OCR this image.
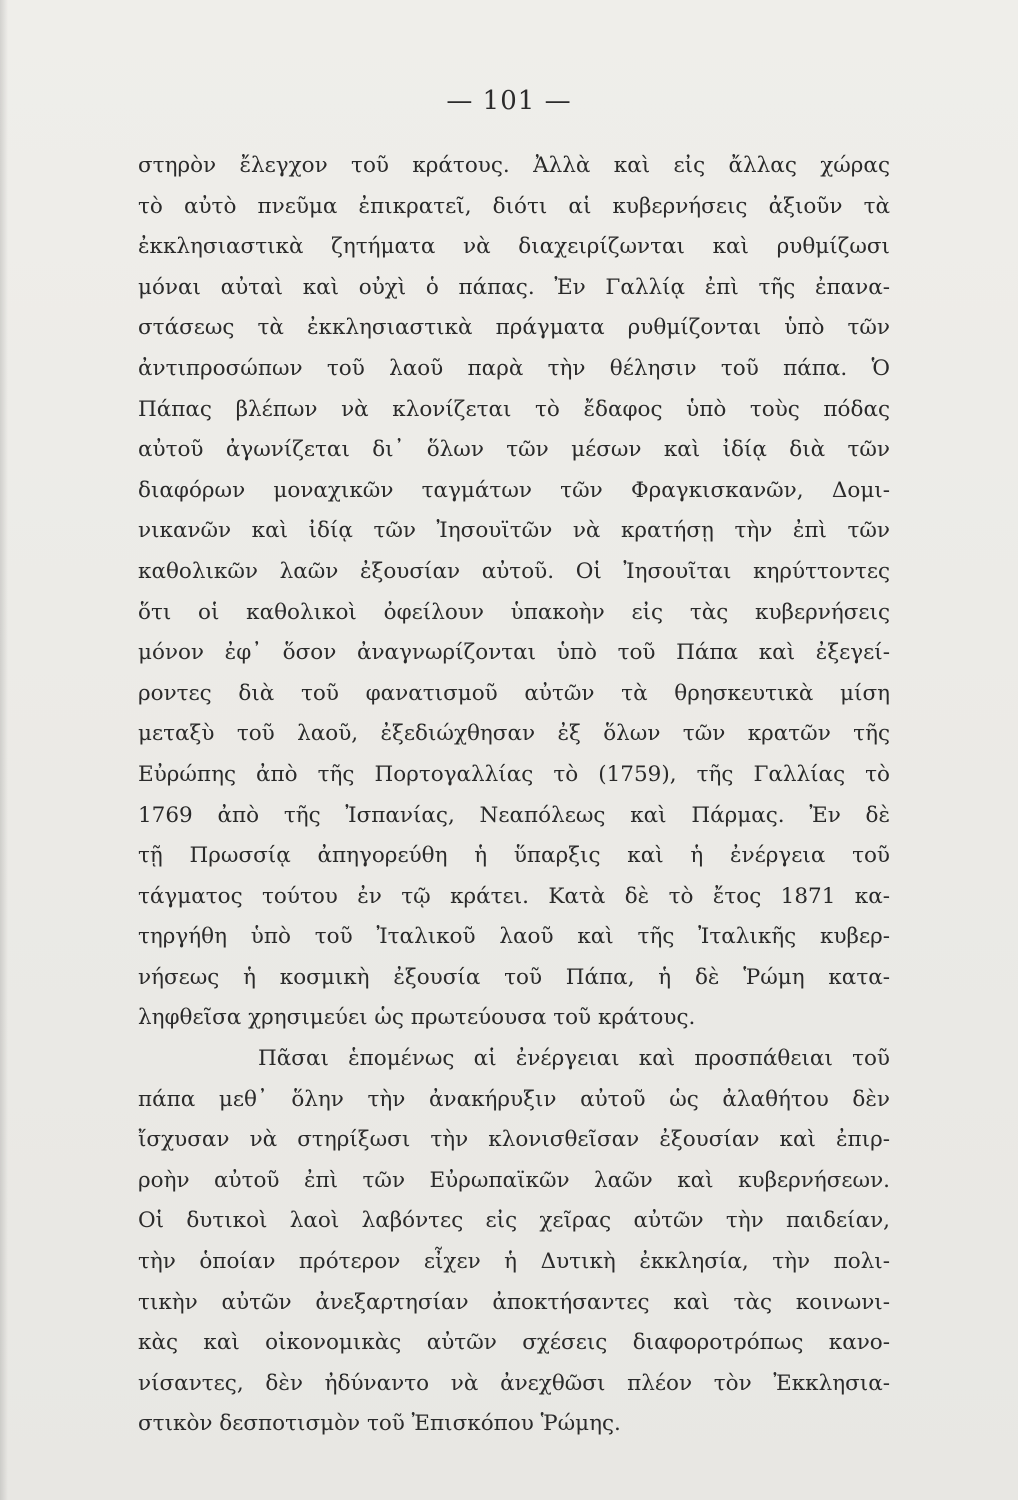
— 101 —
στηρὸν ἔλεγχον τοῦ κράτους. Ἀλλὰ καὶ εἰς ἄλλας χώρας
τὸ αὐτὸ πνεῦμα ἐπικρατεῖ, διότι αἱ κυβερνήσεις ἀξιοῦν τὰ
ἐκκλησιαστικὰ ζητήματα νὰ διαχειρίζωνται καὶ ρυθμίζωσι
μόναι αὐταὶ καὶ οὐχὶ ὁ πάπας. Ἐν Γαλλίᾳ ἐπὶ τῆς ἐπανα-
στάσεως τὰ ἐκκλησιαστικὰ πράγματα ρυθμίζονται ὑπὸ τῶν
ἀντιπροσώπων τοῦ λαοῦ παρὰ τὴν θέλησιν τοῦ πάπα. Ὁ
Πάπας βλέπων νὰ κλονίζεται τὸ ἔδαφος ὑπὸ τοὺς πόδας
αὐτοῦ ἀγωνίζεται δι᾽ ὅλων τῶν μέσων καὶ ἰδίᾳ διὰ τῶν
διαφόρων μοναχικῶν ταγμάτων τῶν Φραγκισκανῶν, Δομι-
νικανῶν καὶ ἰδίᾳ τῶν Ἰησουϊτῶν νὰ κρατήσῃ τὴν ἐπὶ τῶν
καθολικῶν λαῶν ἐξουσίαν αὐτοῦ. Οἱ Ἰησουῖται κηρύττοντες
ὅτι οἱ καθολικοὶ ὀφείλουν ὑπακοὴν εἰς τὰς κυβερνήσεις
μόνον ἐφ᾽ ὅσον ἀναγνωρίζονται ὑπὸ τοῦ Πάπα καὶ ἐξεγεί-
ροντες διὰ τοῦ φανατισμοῦ αὐτῶν τὰ θρησκευτικὰ μίση
μεταξὺ τοῦ λαοῦ, ἐξεδιώχθησαν ἐξ ὅλων τῶν κρατῶν τῆς
Εὐρώπης ἀπὸ τῆς Πορτογαλλίας τὸ (1759), τῆς Γαλλίας τὸ
1769 ἀπὸ τῆς Ἰσπανίας, Νεαπόλεως καὶ Πάρμας. Ἐν δὲ
τῇ Πρωσσίᾳ ἀπηγορεύθη ἡ ὕπαρξις καὶ ἡ ἐνέργεια τοῦ
τάγματος τούτου ἐν τῷ κράτει. Κατὰ δὲ τὸ ἔτος 1871 κα-
τηργήθη ὑπὸ τοῦ Ἰταλικοῦ λαοῦ καὶ τῆς Ἰταλικῆς κυβερ-
νήσεως ἡ κοσμικὴ ἐξουσία τοῦ Πάπα, ἡ δὲ Ῥώμη κατα-
ληφθεῖσα χρησιμεύει ὡς πρωτεύουσα τοῦ κράτους.
Πᾶσαι ἑπομένως αἱ ἐνέργειαι καὶ προσπάθειαι τοῦ
πάπα μεθ᾽ ὅλην τὴν ἀνακήρυξιν αὐτοῦ ὡς ἀλαθήτου δὲν
ἴσχυσαν νὰ στηρίξωσι τὴν κλονισθεῖσαν ἐξουσίαν καὶ ἐπιρ-
ροὴν αὐτοῦ ἐπὶ τῶν Εὐρωπαϊκῶν λαῶν καὶ κυβερνήσεων.
Οἱ δυτικοὶ λαοὶ λαβόντες εἰς χεῖρας αὐτῶν τὴν παιδείαν,
τὴν ὁποίαν πρότερον εἶχεν ἡ Δυτικὴ ἐκκλησία, τὴν πολι-
τικὴν αὐτῶν ἀνεξαρτησίαν ἀποκτήσαντες καὶ τὰς κοινωνι-
κὰς καὶ οἰκονομικὰς αὐτῶν σχέσεις διαφοροτρόπως κανο-
νίσαντες, δὲν ἠδύναντο νὰ ἀνεχθῶσι πλέον τὸν Ἐκκλησια-
στικὸν δεσποτισμὸν τοῦ Ἐπισκόπου Ῥώμης.
